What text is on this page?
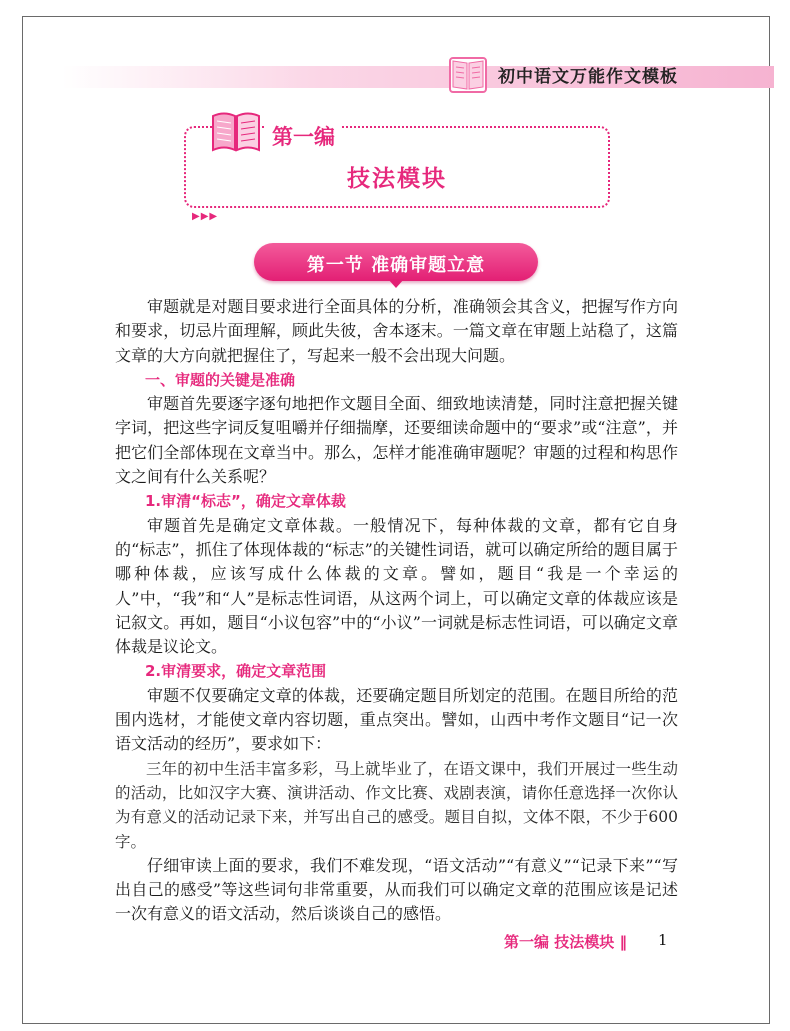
初中语文万能作文模板
第一编
技法模块
▶▶▶
第一节 准确审题立意

审题就是对题目要求进行全面具体的分析，准确领会其含义，把握写作方向和要求，切忌片面理解，顾此失彼，舍本逐末。一篇文章在审题上站稳了，这篇文章的大方向就把握住了，写起来一般不会出现大问题。

一、审题的关键是准确

审题首先要逐字逐句地把作文题目全面、细致地读清楚，同时注意把握关键字词，把这些字词反复咀嚼并仔细揣摩，还要细读命题中的“要求”或“注意”，并把它们全部体现在文章当中。那么，怎样才能准确审题呢？审题的过程和构思作文之间有什么关系呢？

1.审清“标志”，确定文章体裁

审题首先是确定文章体裁。一般情况下，每种体裁的文章，都有它自身的“标志”，抓住了体现体裁的“标志”的关键性词语，就可以确定所给的题目属于哪种体裁，应该写成什么体裁的文章。譬如，题目“我是一个幸运的人”中，“我”和“人”是标志性词语，从这两个词上，可以确定文章的体裁应该是记叙文。再如，题目“小议包容”中的“小议”一词就是标志性词语，可以确定文章体裁是议论文。

2.审清要求，确定文章范围

审题不仅要确定文章的体裁，还要确定题目所划定的范围。在题目所给的范围内选材，才能使文章内容切题，重点突出。譬如，山西中考作文题目“记一次语文活动的经历”，要求如下：

三年的初中生活丰富多彩，马上就毕业了，在语文课中，我们开展过一些生动的活动，比如汉字大赛、演讲活动、作文比赛、戏剧表演，请你任意选择一次你认为有意义的活动记录下来，并写出自己的感受。题目自拟，文体不限，不少于600字。

仔细审读上面的要求，我们不难发现，“语文活动”“有意义”“记录下来”“写出自己的感受”等这些词句非常重要，从而我们可以确定文章的范围应该是记述一次有意义的语文活动，然后谈谈自己的感悟。

第一编 技法模块 ‖ 1
